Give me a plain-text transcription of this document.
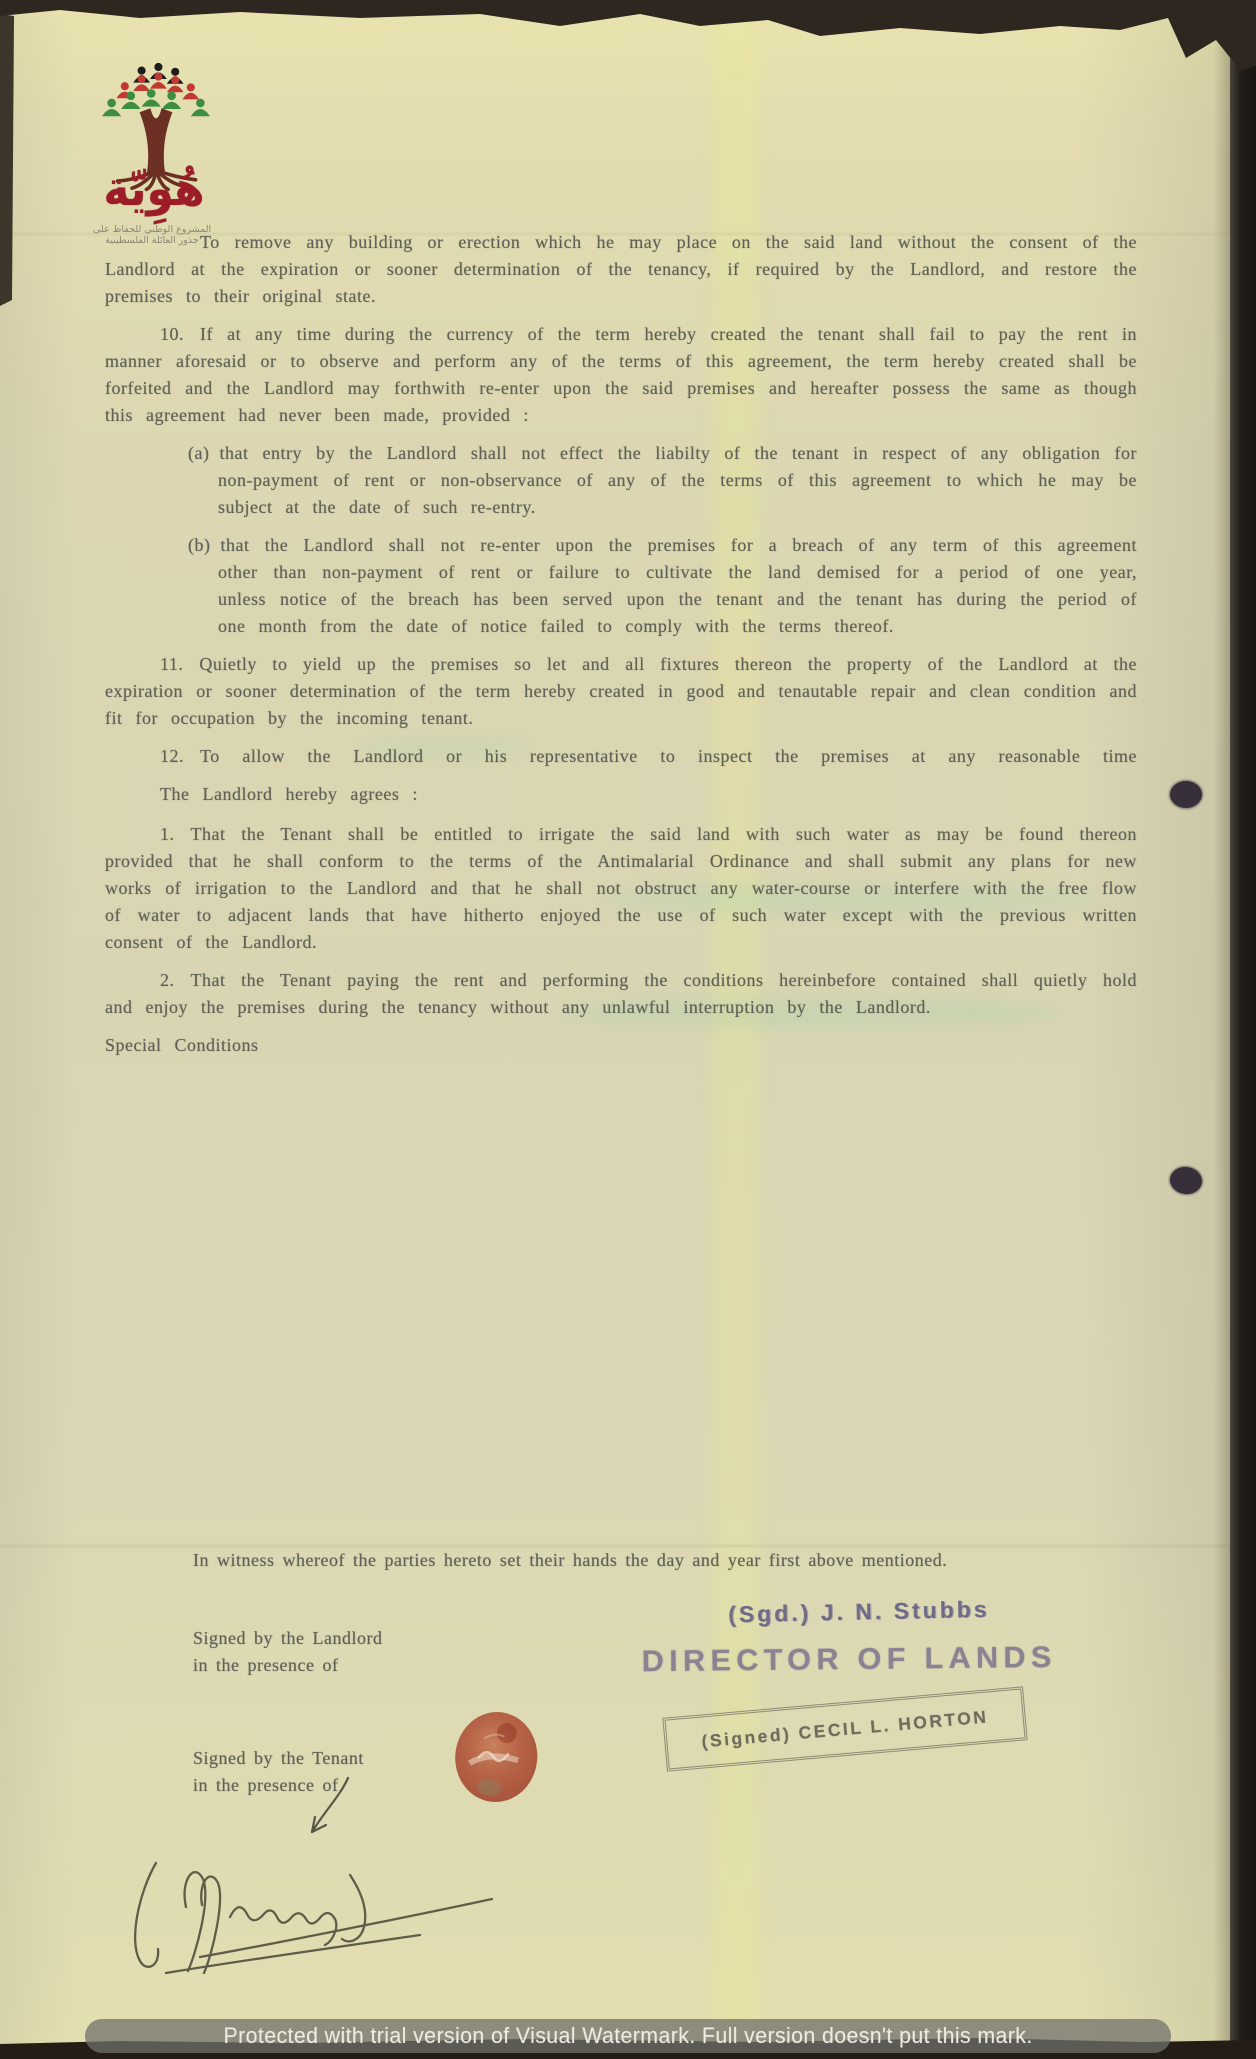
هُوِيّة
المشروع الوطني للحفاظ على
جذور العائلة الفلسطينية To remove any building or erection which he may place on the said land without the consent of the Landlord at the expiration or sooner determination of the tenancy, if required by the Landlord, and restore the premises to their original state.

10. If at any time during the currency of the term hereby created the tenant shall fail to pay the rent in manner aforesaid or to observe and perform any of the terms of this agreement, the term hereby created shall be forfeited and the Landlord may forthwith re-enter upon the said premises and hereafter possess the same as though this agreement had never been made, provided :

(a) that entry by the Landlord shall not effect the liabilty of the tenant in respect of any obligation for non-payment of rent or non-observance of any of the terms of this agreement to which he may be subject at the date of such re-entry.

(b) that the Landlord shall not re-enter upon the premises for a breach of any term of this agreement other than non-payment of rent or failure to cultivate the land demised for a period of one year, unless notice of the breach has been served upon the tenant and the tenant has during the period of one month from the date of notice failed to comply with the terms thereof.

11. Quietly to yield up the premises so let and all fixtures thereon the property of the Landlord at the expiration or sooner determination of the term hereby created in good and tenautable repair and clean condition and fit for occupation by the incoming tenant.

12. To allow the Landlord or his representative to inspect the premises at any reasonable time

The Landlord hereby agrees :

1. That the Tenant shall be entitled to irrigate the said land with such water as may be found thereon provided that he shall conform to the terms of the Antimalarial Ordinance and shall submit any plans for new works of irrigation to the Landlord and that he shall not obstruct any water-course or interfere with the free flow of water to adjacent lands that have hitherto enjoyed the use of such water except with the previous written consent of the Landlord.

2. That the Tenant paying the rent and performing the conditions hereinbefore contained shall quietly hold and enjoy the premises during the tenancy without any unlawful interruption by the Landlord.

Special Conditions

In witness whereof the parties hereto set their hands the day and year first above mentioned.
Signed by the Landlord
in the presence of
(Sgd.) J. N. Stubbs
DIRECTOR OF LANDS
(Signed) CECIL L. HORTON
Signed by the Tenant
in the presence of
Protected with trial version of Visual Watermark. Full version doesn't put this mark.
